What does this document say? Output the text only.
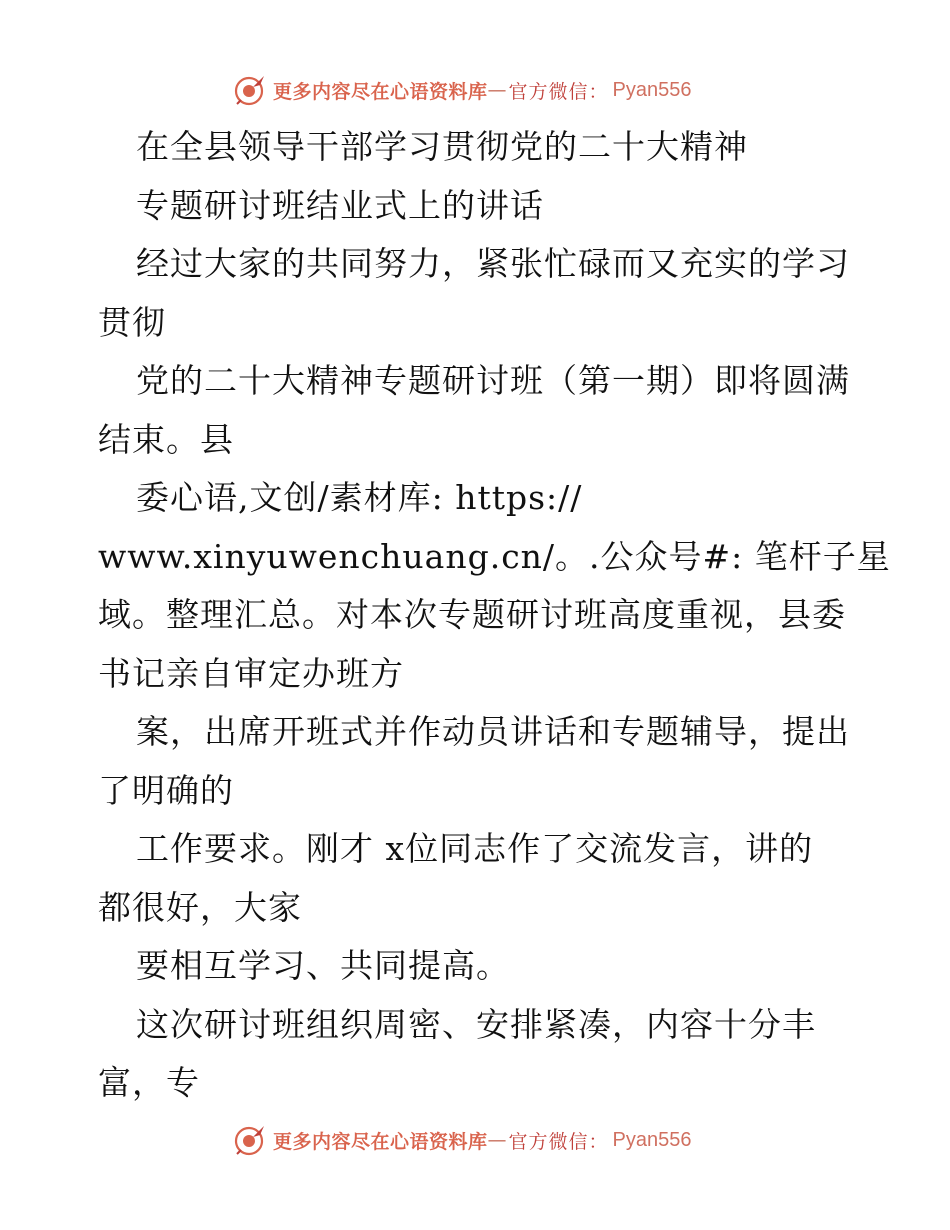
更多内容尽在心语资料库 — 官方微信： Pyan556
在全县领导干部学习贯彻党的二十大精神
专题研讨班结业式上的讲话
经过大家的共同努力，紧张忙碌而又充实的学习
贯彻
党的二十大精神专题研讨班（第一期）即将圆满
结束。县
委心语,文创/素材库: https://
www.xinyuwenchuang.cn/。.公众号#: 笔杆子星
域。整理汇总。对本次专题研讨班高度重视，县委
书记亲自审定办班方
案，出席开班式并作动员讲话和专题辅导，提出
了明确的
工作要求。刚才 x位同志作了交流发言，讲的
都很好，大家
要相互学习、共同提高。
这次研讨班组织周密、安排紧凑，内容十分丰
富，专
更多内容尽在心语资料库 — 官方微信： Pyan556
